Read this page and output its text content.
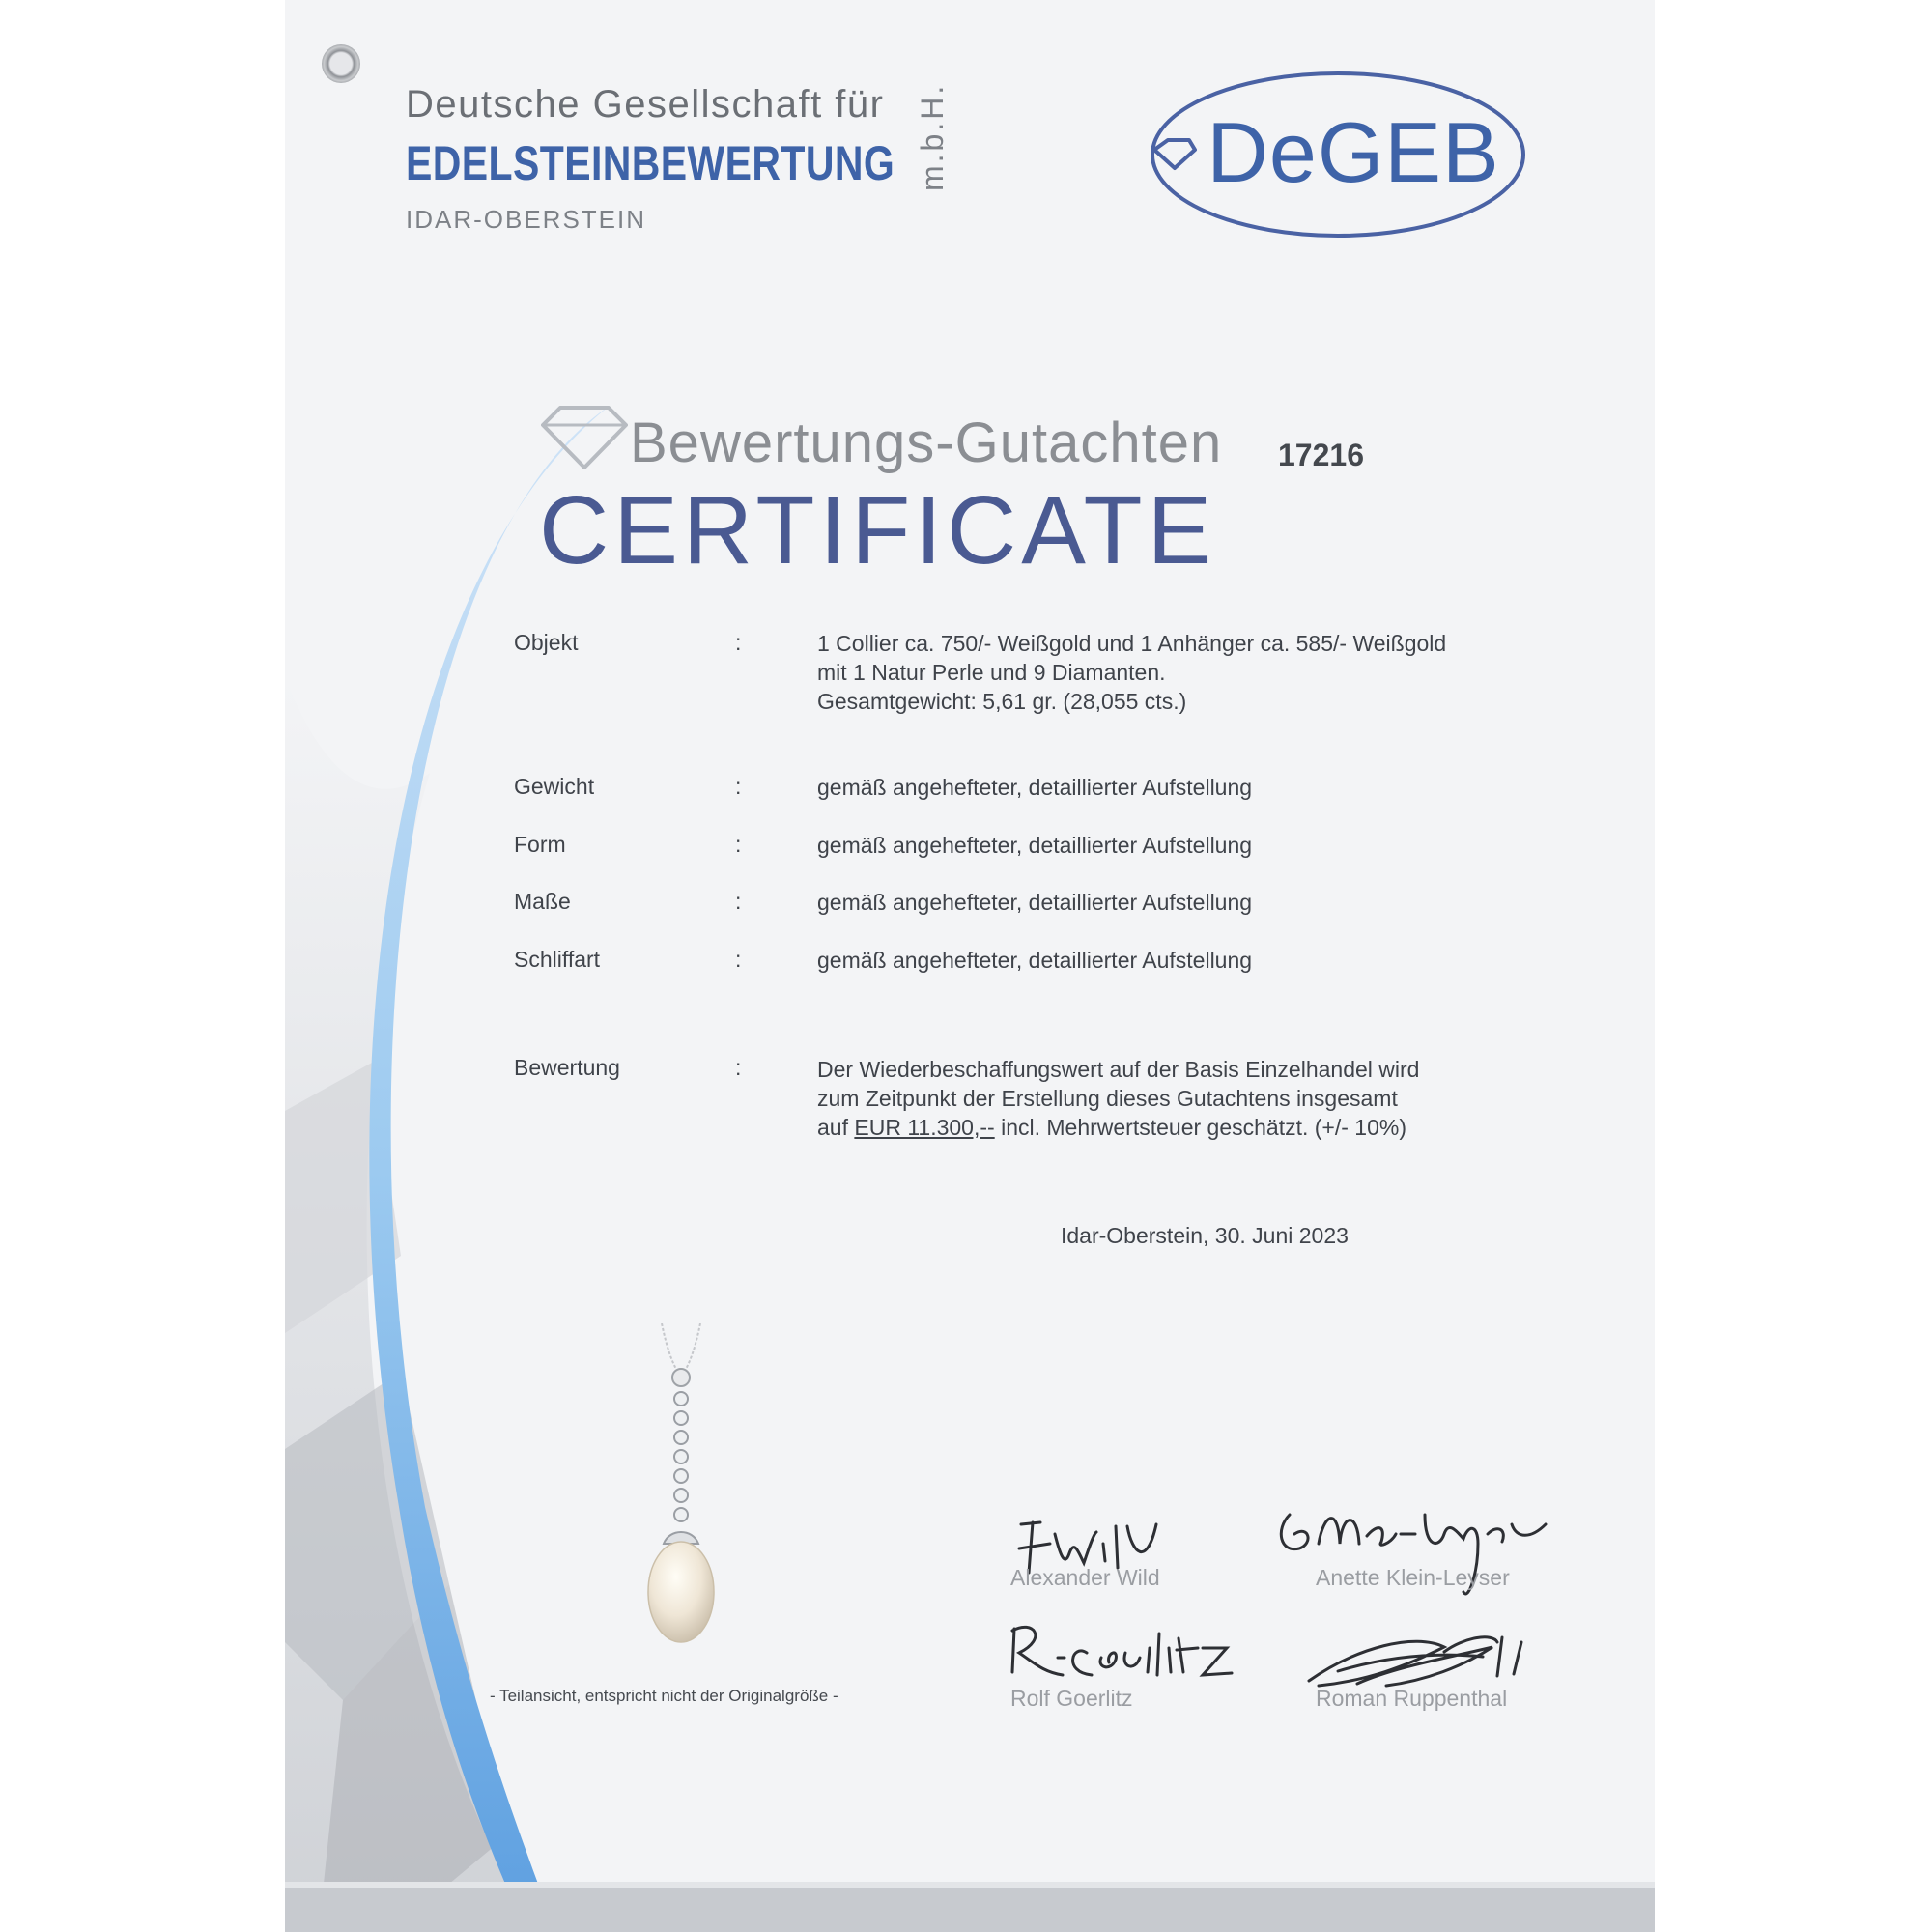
Deutsche Gesellschaft für
EDELSTEINBEWERTUNG m.b.H.
IDAR-OBERSTEIN
DeGEB
Bewertungs-Gutachten 17216
CERTIFICATE
Objekt	:	1 Collier ca. 750/- Weißgold und 1 Anhänger ca. 585/- Weißgold
mit 1 Natur Perle und 9 Diamanten.
Gesamtgewicht: 5,61 gr. (28,055 cts.)
Gewicht	:	gemäß angehefteter, detaillierter Aufstellung
Form	:	gemäß angehefteter, detaillierter Aufstellung
Maße	:	gemäß angehefteter, detaillierter Aufstellung
Schliffart	:	gemäß angehefteter, detaillierter Aufstellung
Bewertung	:	Der Wiederbeschaffungswert auf der Basis Einzelhandel wird
zum Zeitpunkt der Erstellung dieses Gutachtens insgesamt
auf EUR 11.300,-- incl. Mehrwertsteuer geschätzt. (+/- 10%)
Idar-Oberstein, 30. Juni 2023
- Teilansicht, entspricht nicht der Originalgröße -
Alexander Wild	Anette Klein-Leyser
Rolf Goerlitz	Roman Ruppenthal
